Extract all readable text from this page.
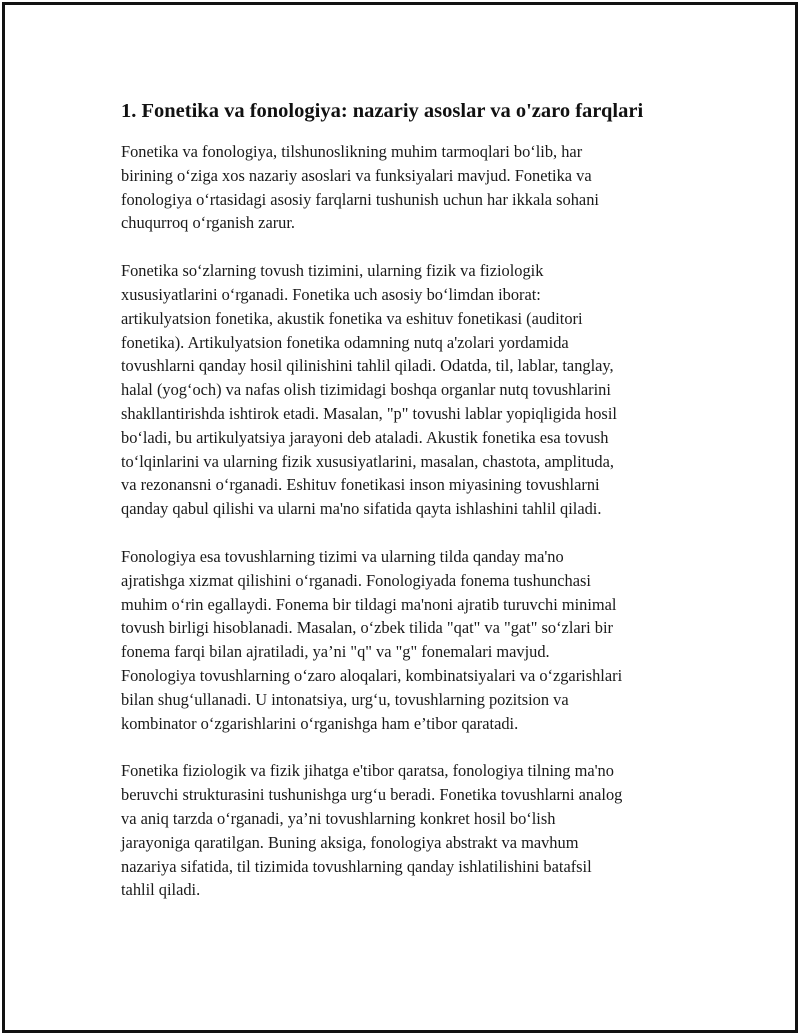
1. Fonetika va fonologiya: nazariy asoslar va o'zaro farqlari

Fonetika va fonologiya, tilshunoslikning muhim tarmoqlari boʻlib, har
birining oʻziga xos nazariy asoslari va funksiyalari mavjud. Fonetika va
fonologiya oʻrtasidagi asosiy farqlarni tushunish uchun har ikkala sohani
chuqurroq oʻrganish zarur.

Fonetika soʻzlarning tovush tizimini, ularning fizik va fiziologik
xususiyatlarini oʻrganadi. Fonetika uch asosiy boʻlimdan iborat:
artikulyatsion fonetika, akustik fonetika va eshituv fonetikasi (auditori
fonetika). Artikulyatsion fonetika odamning nutq a'zolari yordamida
tovushlarni qanday hosil qilinishini tahlil qiladi. Odatda, til, lablar, tanglay,
halal (yogʻoch) va nafas olish tizimidagi boshqa organlar nutq tovushlarini
shakllantirishda ishtirok etadi. Masalan, "p" tovushi lablar yopiqligida hosil
boʻladi, bu artikulyatsiya jarayoni deb ataladi. Akustik fonetika esa tovush
toʻlqinlarini va ularning fizik xususiyatlarini, masalan, chastota, amplituda,
va rezonansni oʻrganadi. Eshituv fonetikasi inson miyasining tovushlarni
qanday qabul qilishi va ularni ma'no sifatida qayta ishlashini tahlil qiladi.

Fonologiya esa tovushlarning tizimi va ularning tilda qanday ma'no
ajratishga xizmat qilishini oʻrganadi. Fonologiyada fonema tushunchasi
muhim oʻrin egallaydi. Fonema bir tildagi ma'noni ajratib turuvchi minimal
tovush birligi hisoblanadi. Masalan, oʻzbek tilida "qat" va "gat" soʻzlari bir
fonema farqi bilan ajratiladi, ya’ni "q" va "g" fonemalari mavjud.
Fonologiya tovushlarning oʻzaro aloqalari, kombinatsiyalari va oʻzgarishlari
bilan shugʻullanadi. U intonatsiya, urgʻu, tovushlarning pozitsion va
kombinator oʻzgarishlarini oʻrganishga ham e’tibor qaratadi.

Fonetika fiziologik va fizik jihatga e'tibor qaratsa, fonologiya tilning ma'no
beruvchi strukturasini tushunishga urgʻu beradi. Fonetika tovushlarni analog
va aniq tarzda oʻrganadi, ya’ni tovushlarning konkret hosil boʻlish
jarayoniga qaratilgan. Buning aksiga, fonologiya abstrakt va mavhum
nazariya sifatida, til tizimida tovushlarning qanday ishlatilishini batafsil
tahlil qiladi.
